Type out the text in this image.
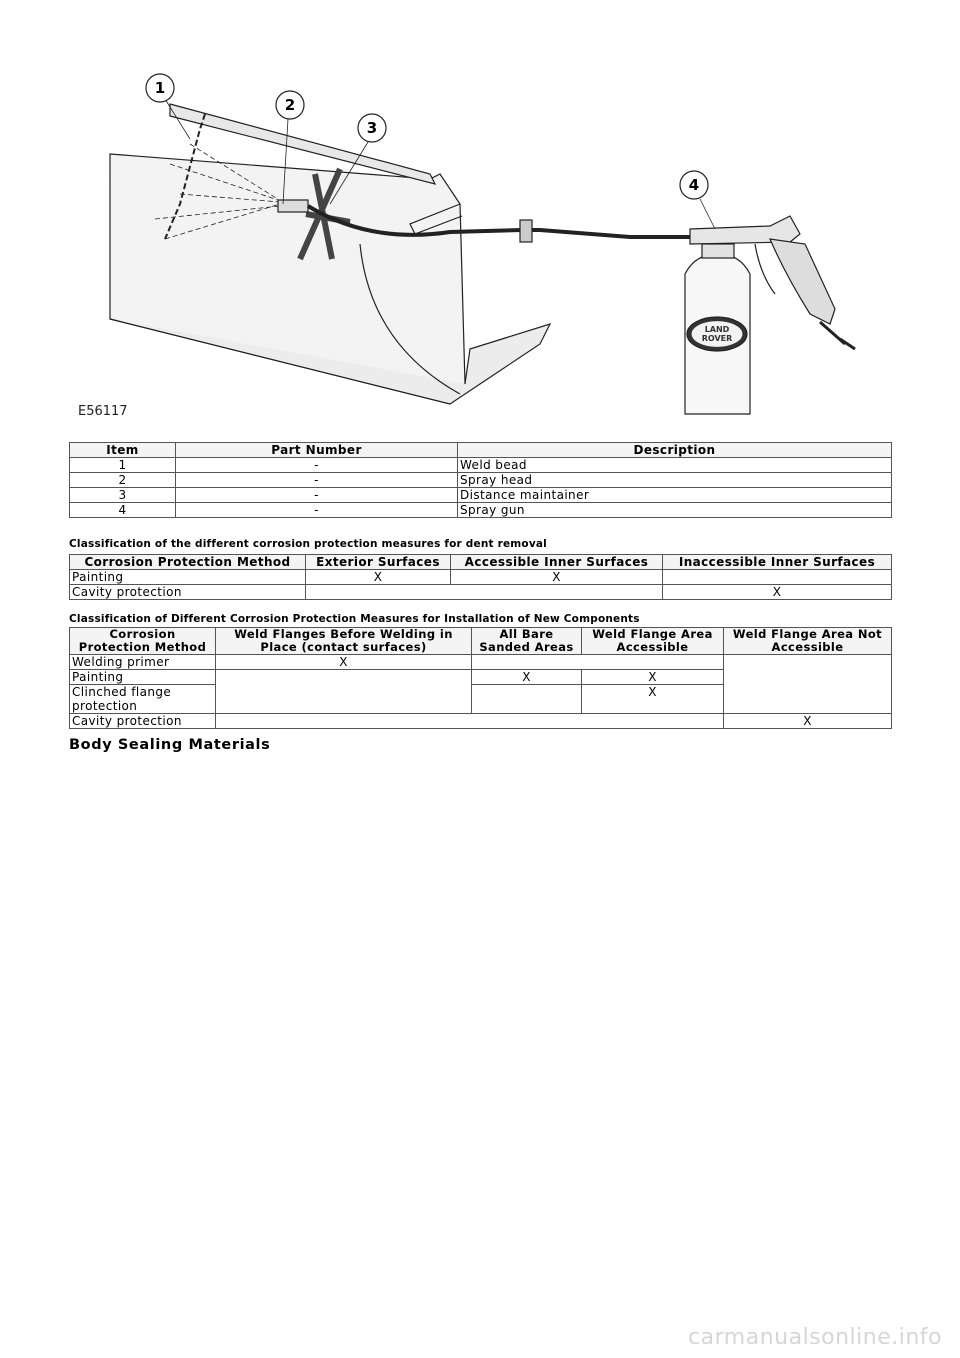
1
2
3
4
LAND
ROVER
E56117
Item	Part Number	Description
1	-	Weld bead
2	-	Spray head
3	-	Distance maintainer
4	-	Spray gun
Classification of the different corrosion protection measures for dent removal
Corrosion Protection Method	Exterior Surfaces	Accessible Inner Surfaces	Inaccessible Inner Surfaces
Painting	X	X	
Cavity protection			X
Classification of Different Corrosion Protection Measures for Installation of New Components
Corrosion Protection Method	Weld Flanges Before Welding in Place (contact surfaces)	All Bare Sanded Areas	Weld Flange Area Accessible	Weld Flange Area Not Accessible
Welding primer	X			
Painting		X	X	
Clinched flange protection			X	
Cavity protection				X
Body Sealing Materials
carmanualsonline.info
